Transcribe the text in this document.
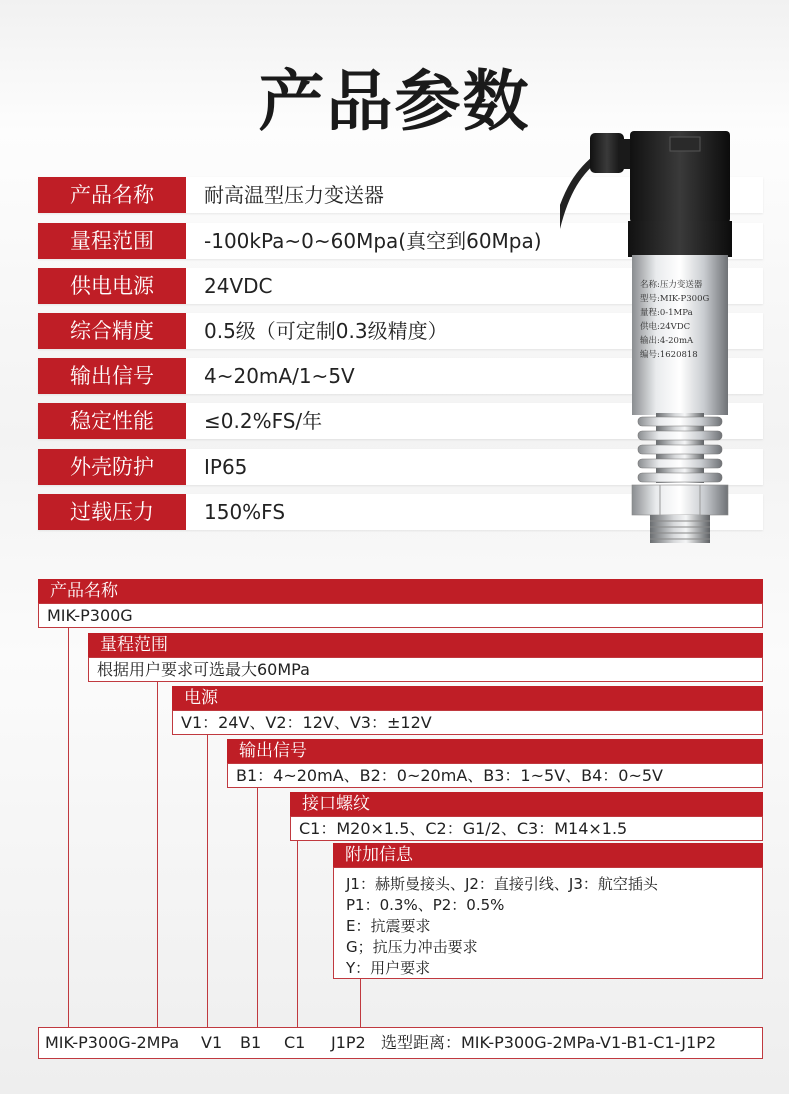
产品参数
产品名称	耐高温型压力变送器
量程范围	-100kPa~0~60Mpa(真空到60Mpa)
供电电源	24VDC
综合精度	0.5级（可定制0.3级精度）
输出信号	4~20mA/1~5V
稳定性能	≤0.2%FS/年
外壳防护	IP65
过载压力	150%FS
名称:压力变送器
型号:MIK-P300G
量程:0-1MPa
供电:24VDC
输出:4-20mA
编号:1620818
产品名称
MIK-P300G
量程范围
根据用户要求可选最大60MPa
电源
V1：24V、V2：12V、V3：±12V
输出信号
B1：4~20mA、B2：0~20mA、B3：1~5V、B4：0~5V
接口螺纹
C1：M20×1.5、C2：G1/2、C3：M14×1.5
附加信息
J1：赫斯曼接头、J2：直接引线、J3：航空插头
P1：0.3%、P2：0.5%
E：抗震要求
G；抗压力冲击要求
Y：用户要求
MIK-P300G-2MPa V1 B1 C1 J1P2 选型距离：MIK-P300G-2MPa-V1-B1-C1-J1P2
